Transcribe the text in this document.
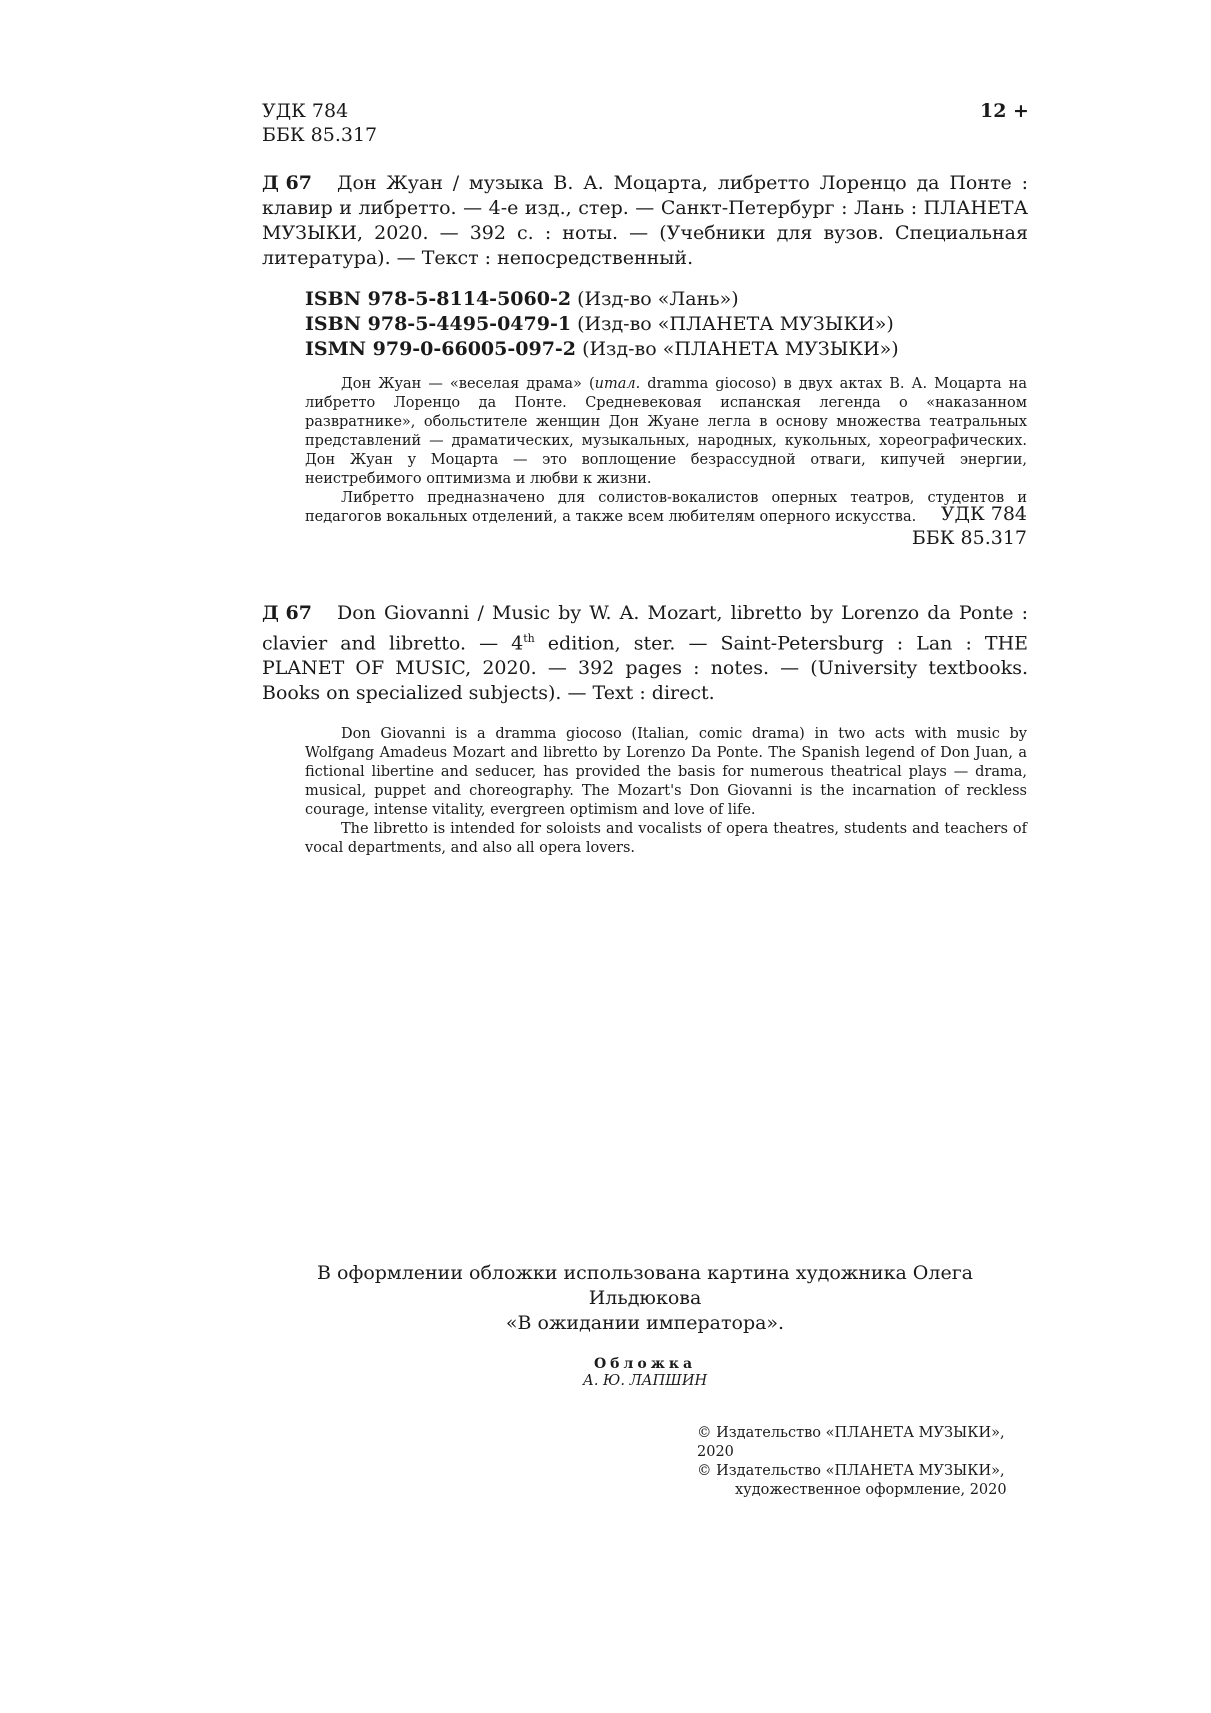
УДК 784
ББК 85.317
12 +
Д 67	Дон Жуан / музыка В. А. Моцарта, либретто Лоренцо да Понте : клавир и либретто. — 4-е изд., стер. — Санкт-Петербург : Лань : ПЛАНЕТА МУЗЫКИ, 2020. — 392 с. : ноты. — (Учебники для вузов. Специальная литература). — Текст : непосредственный.

ISBN 978-5-8114-5060-2 (Изд-во «Лань»)
ISBN 978-5-4495-0479-1 (Изд-во «ПЛАНЕТА МУЗЫКИ»)
ISMN 979-0-66005-097-2 (Изд-во «ПЛАНЕТА МУЗЫКИ»)

Дон Жуан — «веселая драма» (итал. dramma giocoso) в двух актах В. А. Моцарта на либретто Лоренцо да Понте. Средневековая испанская легенда о «наказанном развратнике», обольстителе женщин Дон Жуане легла в основу множества театральных представлений — драматических, музыкальных, народных, кукольных, хореографических. Дон Жуан у Моцарта — это воплощение безрассудной отваги, кипучей энергии, неистребимого оптимизма и любви к жизни.

Либретто предназначено для солистов-вокалистов оперных театров, студентов и педагогов вокальных отделений, а также всем любителям оперного искусства.	УДК 784
ББК 85.317
Д 67	Don Giovanni / Music by W. A. Mozart, libretto by Lorenzo da Ponte : clavier and libretto. — 4th edition, ster. — Saint-Petersburg : Lan : THE PLANET OF MUSIC, 2020. — 392 pages : notes. — (University textbooks. Books on specialized subjects). — Text : direct.

Don Giovanni is a dramma giocoso (Italian, comic drama) in two acts with music by Wolfgang Amadeus Mozart and libretto by Lorenzo Da Ponte. The Spanish legend of Don Juan, a fictional libertine and seducer, has provided the basis for numerous theatrical plays — drama, musical, puppet and choreography. The Mozart's Don Giovanni is the incarnation of reckless courage, intense vitality, evergreen optimism and love of life.

The libretto is intended for soloists and vocalists of opera theatres, students and teachers of vocal departments, and also all opera lovers.

В оформлении обложки использована картина художника Олега Ильдюкова
«В ожидании императора».
Обложка
А. Ю. ЛАПШИН
© Издательство «ПЛАНЕТА МУЗЫКИ», 2020
© Издательство «ПЛАНЕТА МУЗЫКИ»,
художественное оформление, 2020
